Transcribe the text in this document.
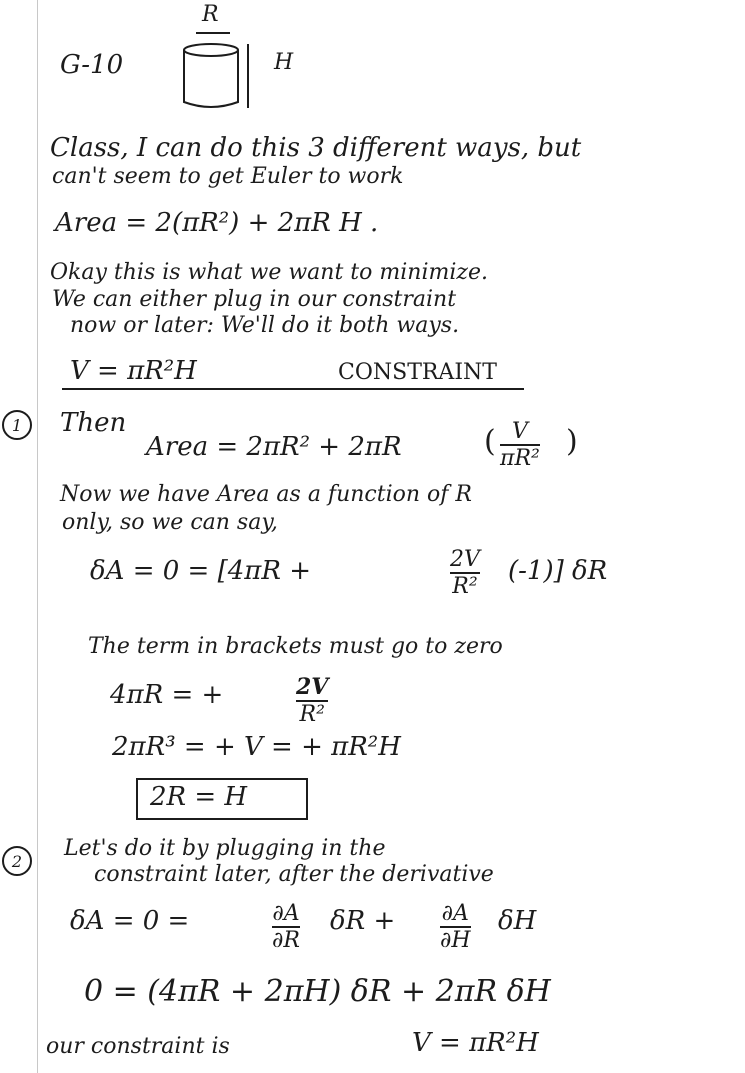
G-10
R
H
Class, I can do this 3 different ways, but
can't seem to get Euler to work
Area = 2(πR²) + 2πR H .
Okay this is what we want to minimize.
We can either plug in our constraint
now or later: We'll do it both ways.
V = πR²H	CONSTRAINT
1	Then
Area = 2πR² + 2πR
V
πR²
( )
Now we have Area as a function of R
only, so we can say,
δA = 0 = [4πR +	2V
R²
(-1)] δR
The term in brackets must go to zero
4πR = +	2V
R²
2πR³ = + V = + πR²H
2R = H
2	Let's do it by plugging in the
constraint later, after the derivative
δA = 0 =	∂A
∂R
δR + ∂A
∂H
δH
0 = (4πR + 2πH) δR + 2πR δH
our constraint is	V = πR²H
